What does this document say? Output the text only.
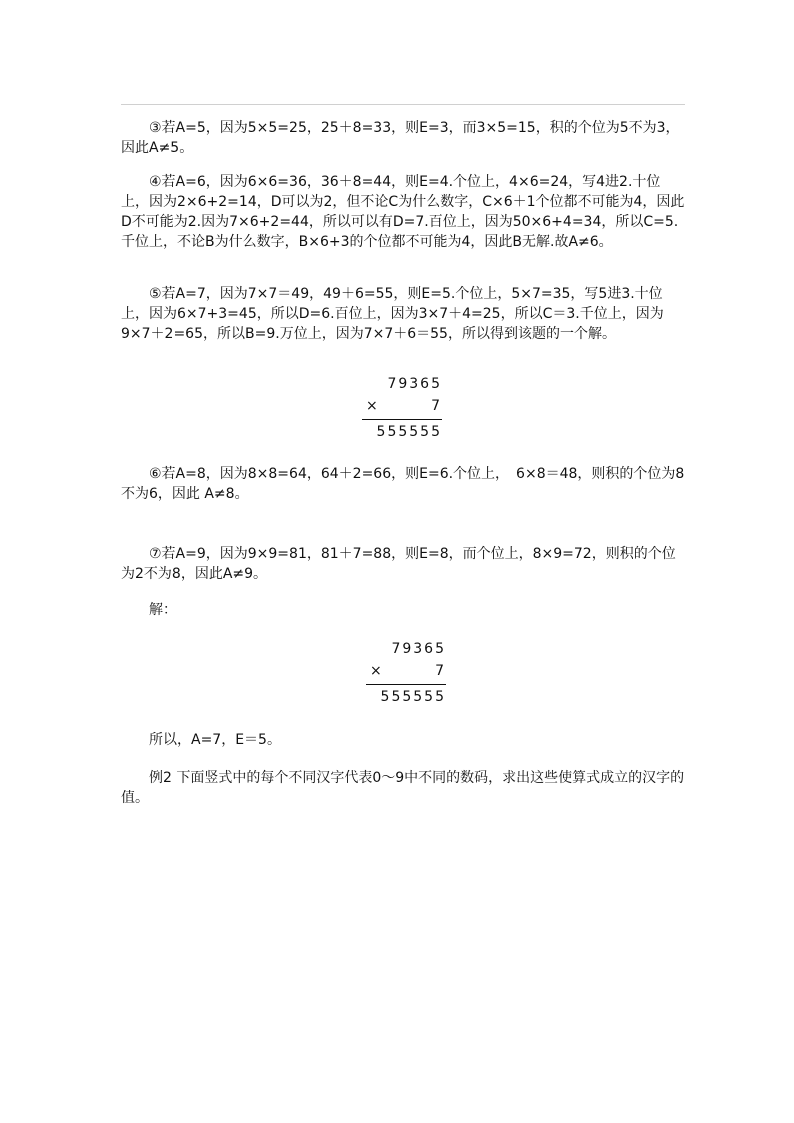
　　③若A=5，因为5×5=25，25＋8=33，则E=3，而3×5=15，积的个位为5不为3，因此A≠5。

　　④若A=6，因为6×6=36，36＋8=44，则E=4.个位上，4×6=24，写4进2.十位上，因为2×6+2=14，D可以为2，但不论C为什么数字，C×6＋1个位都不可能为4，因此D不可能为2.因为7×6+2=44，所以可以有D=7.百位上，因为50×6+4=34，所以C=5.千位上，不论B为什么数字，B×6+3的个位都不可能为4，因此B无解.故A≠6。

　　⑤若A=7，因为7×7＝49，49＋6=55，则E=5.个位上，5×7=35，写5进3.十位上，因为6×7+3=45，所以D=6.百位上，因为3×7＋4=25，所以C＝3.千位上，因为9×7＋2=65，所以B=9.万位上，因为7×7＋6＝55，所以得到该题的一个解。

79365
×	7
555555

　　⑥若A=8，因为8×8=64，64＋2=66，则E=6.个位上，　6×8＝48，则积的个位为8不为6，因此 A≠8。

　　⑦若A=9，因为9×9=81，81＋7=88，则E=8，而个位上，8×9=72，则积的个位为2不为8，因此A≠9。

　　解：

79365
×	7
555555

　　所以，A=7，E＝5。

　　例2 下面竖式中的每个不同汉字代表0～9中不同的数码，求出这些使算式成立的汉字的值。
